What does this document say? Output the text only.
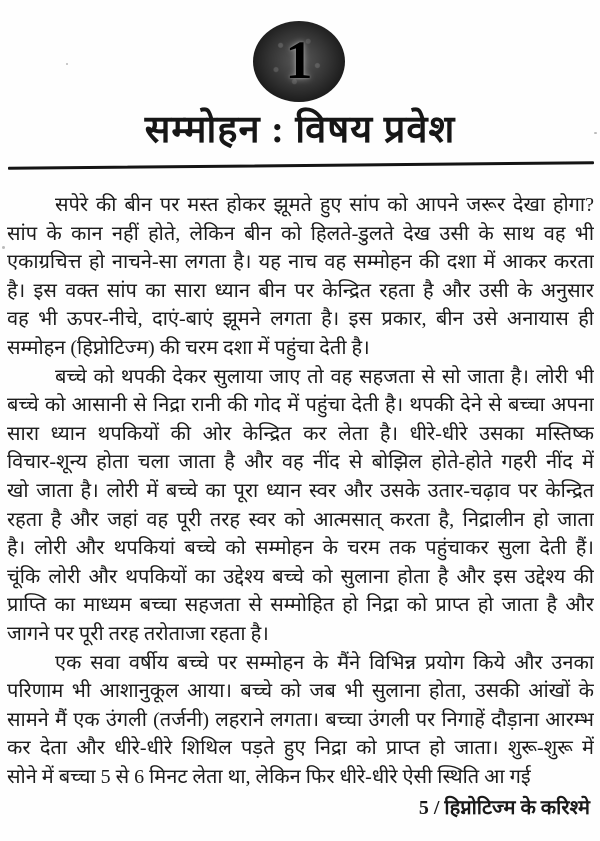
1
सम्मोहन : विषय प्रवेश
सपेरे की बीन पर मस्त होकर झूमते हुए सांप को आपने जरूर देखा होगा?
सांप के कान नहीं होते, लेकिन बीन को हिलते-डुलते देख उसी के साथ वह भी
एकाग्रचित्त हो नाचने-सा लगता है। यह नाच वह सम्मोहन की दशा में आकर करता
है। इस वक्त सांप का सारा ध्यान बीन पर केन्द्रित रहता है और उसी के अनुसार
वह भी ऊपर-नीचे, दाएं-बाएं झूमने लगता है। इस प्रकार, बीन उसे अनायास ही
सम्मोहन (हिप्नोटिज्म) की चरम दशा में पहुंचा देती है।
बच्चे को थपकी देकर सुलाया जाए तो वह सहजता से सो जाता है। लोरी भी
बच्चे को आसानी से निद्रा रानी की गोद में पहुंचा देती है। थपकी देने से बच्चा अपना
सारा ध्यान थपकियों की ओर केन्द्रित कर लेता है। धीरे-धीरे उसका मस्तिष्क
विचार-शून्य होता चला जाता है और वह नींद से बोझिल होते-होते गहरी नींद में
खो जाता है। लोरी में बच्चे का पूरा ध्यान स्वर और उसके उतार-चढ़ाव पर केन्द्रित
रहता है और जहां वह पूरी तरह स्वर को आत्मसात् करता है, निद्रालीन हो जाता
है। लोरी और थपकियां बच्चे को सम्मोहन के चरम तक पहुंचाकर सुला देती हैं।
चूंकि लोरी और थपकियों का उद्देश्य बच्चे को सुलाना होता है और इस उद्देश्य की
प्राप्ति का माध्यम बच्चा सहजता से सम्मोहित हो निद्रा को प्राप्त हो जाता है और
जागने पर पूरी तरह तरोताजा रहता है।
एक सवा वर्षीय बच्चे पर सम्मोहन के मैंने विभिन्न प्रयोग किये और उनका
परिणाम भी आशानुकूल आया। बच्चे को जब भी सुलाना होता, उसकी आंखों के
सामने मैं एक उंगली (तर्जनी) लहराने लगता। बच्चा उंगली पर निगाहें दौड़ाना आरम्भ
कर देता और धीरे-धीरे शिथिल पड़ते हुए निद्रा को प्राप्त हो जाता। शुरू-शुरू में
सोने में बच्चा 5 से 6 मिनट लेता था, लेकिन फिर धीरे-धीरे ऐसी स्थिति आ गई
5 / हिप्नोटिज्म के करिश्मे
